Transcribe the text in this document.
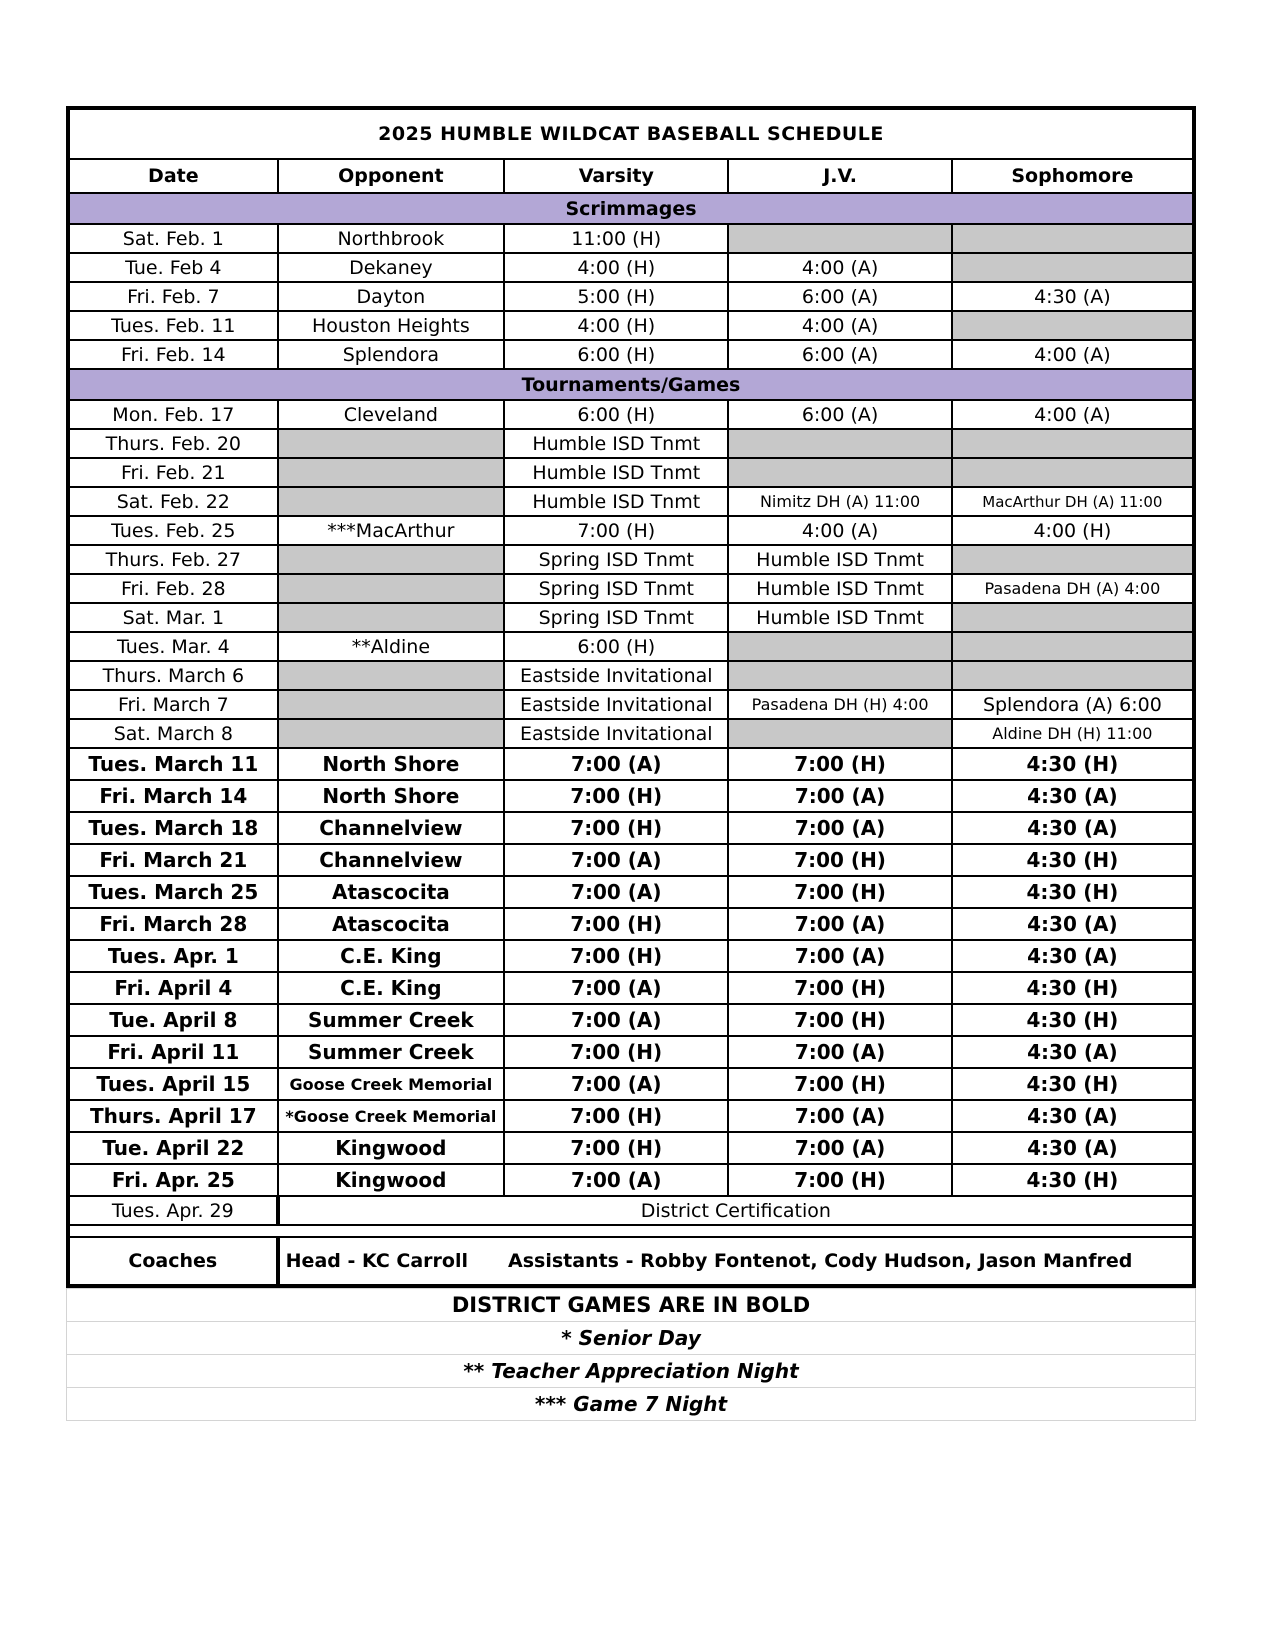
2025 HUMBLE WILDCAT BASEBALL SCHEDULE				
Date	Opponent	Varsity	J.V.	Sophomore
Scrimmages				
Sat. Feb. 1	Northbrook	11:00 (H)		
Tue. Feb 4	Dekaney	4:00 (H)	4:00 (A)	
Fri. Feb. 7	Dayton	5:00 (H)	6:00 (A)	4:30 (A)
Tues. Feb. 11	Houston Heights	4:00 (H)	4:00 (A)	
Fri. Feb. 14	Splendora	6:00 (H)	6:00 (A)	4:00 (A)
Tournaments/Games				
Mon. Feb. 17	Cleveland	6:00 (H)	6:00 (A)	4:00 (A)
Thurs. Feb. 20		Humble ISD Tnmt		
Fri. Feb. 21		Humble ISD Tnmt		
Sat. Feb. 22		Humble ISD Tnmt	Nimitz DH (A) 11:00	MacArthur DH (A) 11:00
Tues. Feb. 25	***MacArthur	7:00 (H)	4:00 (A)	4:00 (H)
Thurs. Feb. 27		Spring ISD Tnmt	Humble ISD Tnmt	
Fri. Feb. 28		Spring ISD Tnmt	Humble ISD Tnmt	Pasadena DH (A) 4:00
Sat. Mar. 1		Spring ISD Tnmt	Humble ISD Tnmt	
Tues. Mar. 4	**Aldine	6:00 (H)		
Thurs. March 6		Eastside Invitational		
Fri. March 7		Eastside Invitational	Pasadena DH (H) 4:00	Splendora (A) 6:00
Sat. March 8		Eastside Invitational		Aldine DH (H) 11:00
Tues. March 11	North Shore	7:00 (A)	7:00 (H)	4:30 (H)
Fri. March 14	North Shore	7:00 (H)	7:00 (A)	4:30 (A)
Tues. March 18	Channelview	7:00 (H)	7:00 (A)	4:30 (A)
Fri. March 21	Channelview	7:00 (A)	7:00 (H)	4:30 (H)
Tues. March 25	Atascocita	7:00 (A)	7:00 (H)	4:30 (H)
Fri. March 28	Atascocita	7:00 (H)	7:00 (A)	4:30 (A)
Tues. Apr. 1	C.E. King	7:00 (H)	7:00 (A)	4:30 (A)
Fri. April 4	C.E. King	7:00 (A)	7:00 (H)	4:30 (H)
Tue. April 8	Summer Creek	7:00 (A)	7:00 (H)	4:30 (H)
Fri. April 11	Summer Creek	7:00 (H)	7:00 (A)	4:30 (A)
Tues. April 15	Goose Creek Memorial	7:00 (A)	7:00 (H)	4:30 (H)
Thurs. April 17	*Goose Creek Memorial	7:00 (H)	7:00 (A)	4:30 (A)
Tue. April 22	Kingwood	7:00 (H)	7:00 (A)	4:30 (A)
Fri. Apr. 25	Kingwood	7:00 (A)	7:00 (H)	4:30 (H)
Tues. Apr. 29	District Certification			

Coaches	Head - KC Carroll Assistants - Robby Fontenot, Cody Hudson, Jason Manfred			
DISTRICT GAMES ARE IN BOLD
* Senior Day
** Teacher Appreciation Night
*** Game 7 Night
